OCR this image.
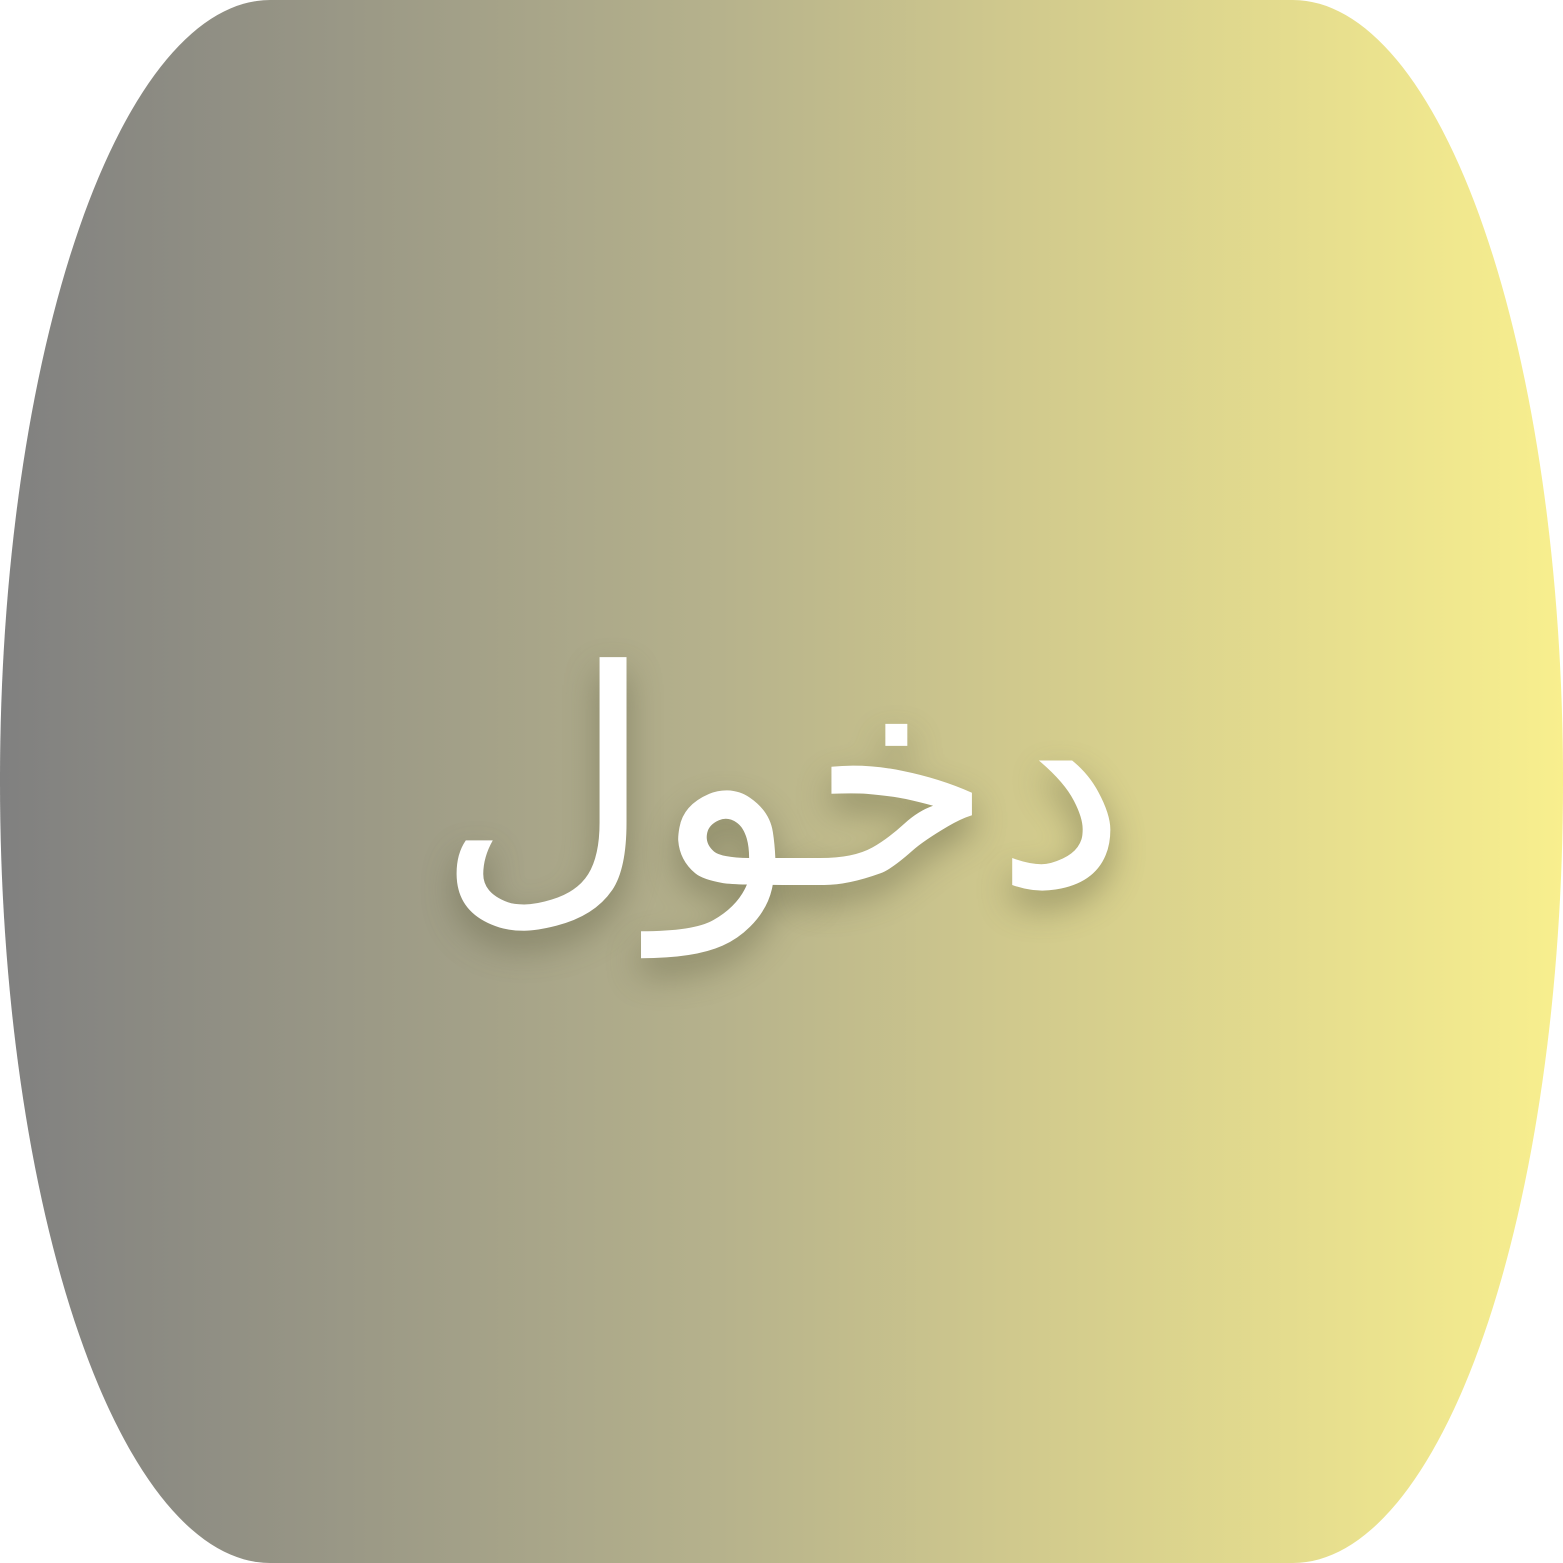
دخول
